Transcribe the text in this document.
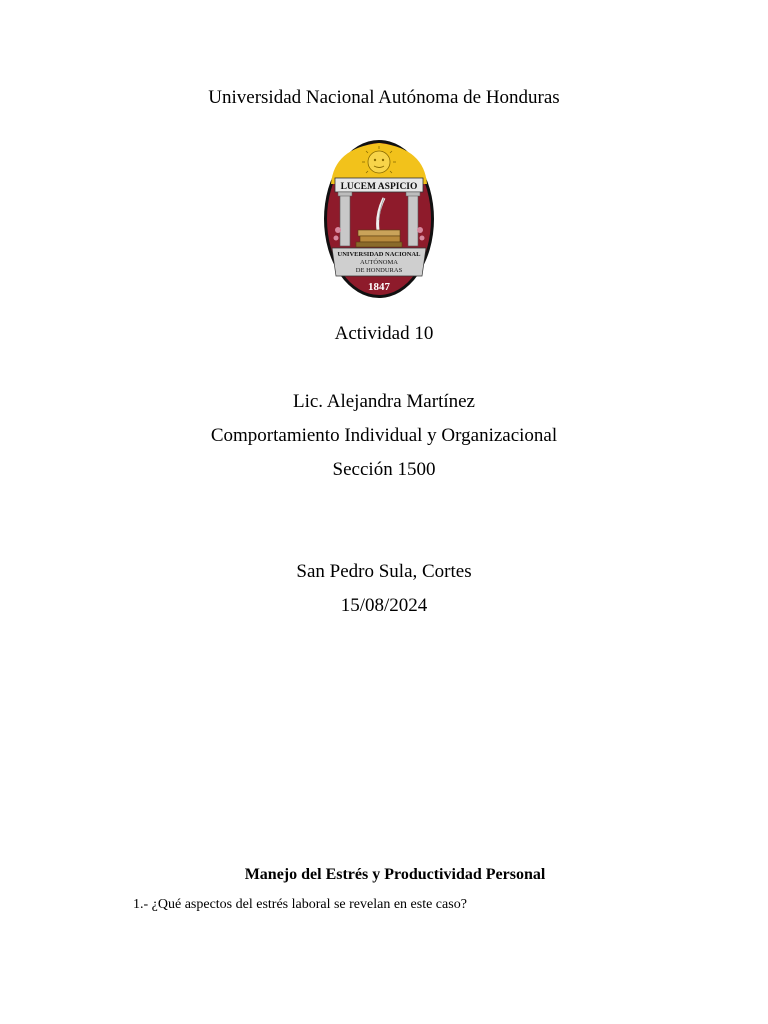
Universidad Nacional Autónoma de Honduras
LUCEM ASPICIO
UNIVERSIDAD NACIONAL
AUTÓNOMA
DE HONDURAS
1847
Actividad 10
Lic. Alejandra Martínez
Comportamiento Individual y Organizacional
Sección 1500
San Pedro Sula, Cortes
15/08/2024
Manejo del Estrés y Productividad Personal
1.- ¿Qué aspectos del estrés laboral se revelan en este caso?
